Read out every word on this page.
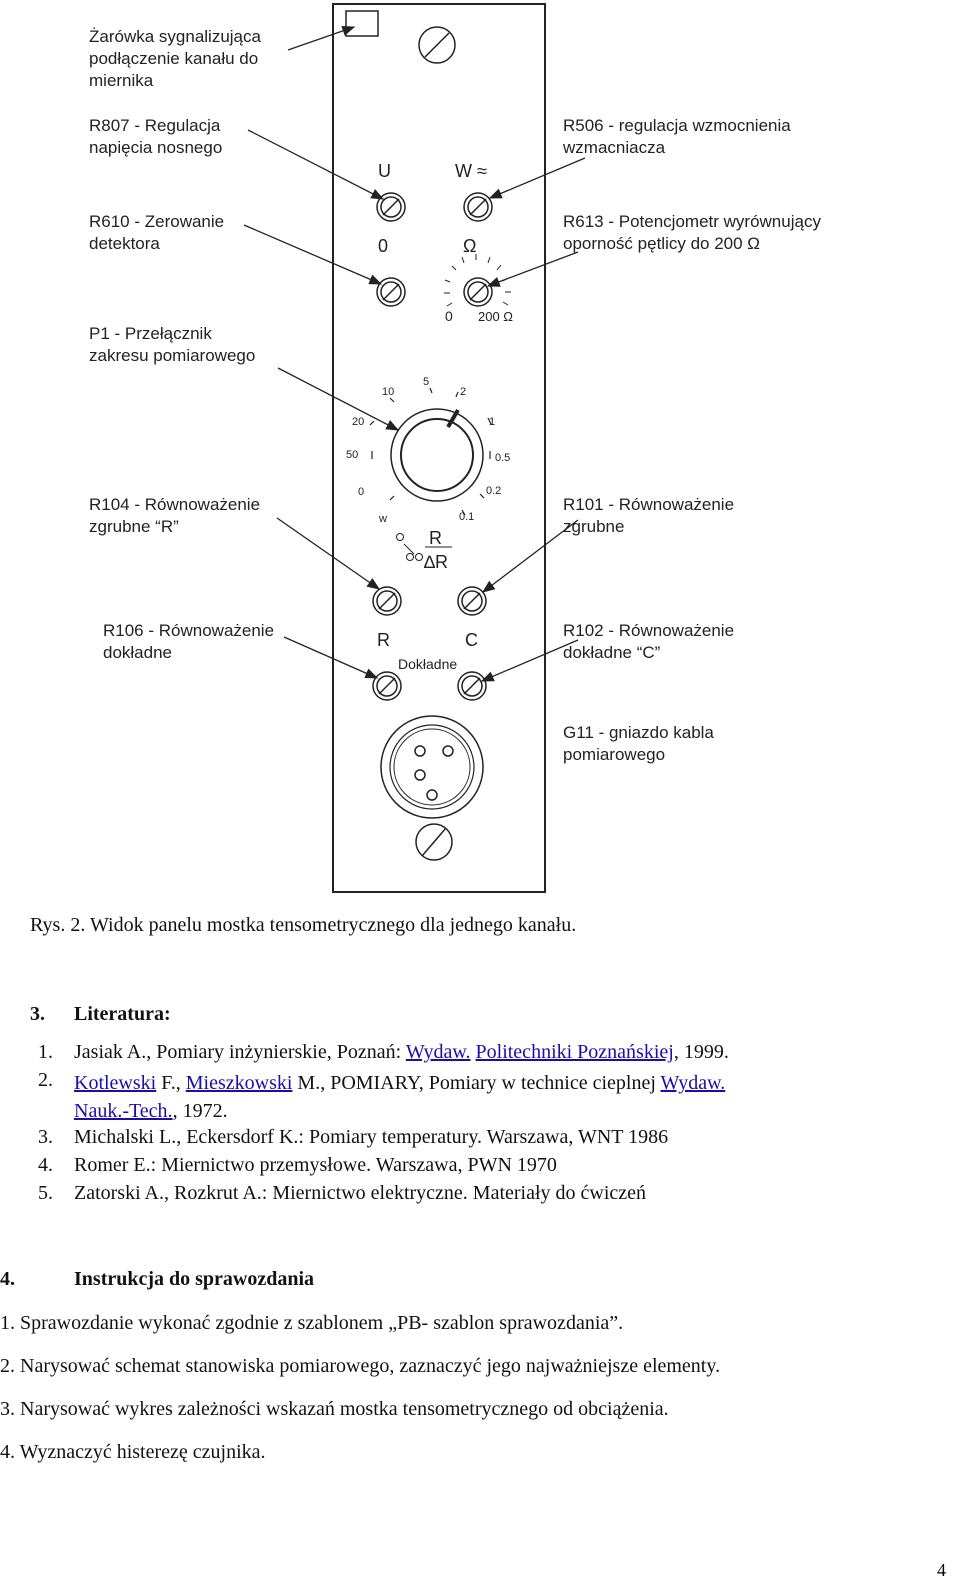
U	W ≈
0	Ω
0 200 Ω
10
5
2
20	1
50	0.5
0	0.2
w	0.1
R
∆R
R	C
Dokładne
Żarówka sygnalizująca
podłączenie kanału do
miernika
R807 - Regulacja
napięcia nosnego
R506 - regulacja wzmocnienia
wzmacniacza
R610 - Zerowanie
detektora
R613 - Potencjometr wyrównujący
oporność pętlicy do 200 Ω
P1 - Przełącznik
zakresu pomiarowego
R104 - Równoważenie
zgrubne “R”
R101 - Równoważenie
zgrubne
R106 - Równoważenie
dokładne
R102 - Równoważenie
dokładne “C”
G11 - gniazdo kabla
pomiarowego
Rys. 2. Widok panelu mostka tensometrycznego dla jednego kanału.
3. Literatura:
1. Jasiak A., Pomiary inżynierskie, Poznań: Wydaw. Politechniki Poznańskiej, 1999.
2. Kotlewski F., Mieszkowski M., POMIARY, Pomiary w technice cieplnej Wydaw.
Nauk.-Tech., 1972.
3. Michalski L., Eckersdorf K.: Pomiary temperatury. Warszawa, WNT 1986
4. Romer E.: Miernictwo przemysłowe. Warszawa, PWN 1970
5. Zatorski A., Rozkrut A.: Miernictwo elektryczne. Materiały do ćwiczeń
4.	Instrukcja do sprawozdania
1. Sprawozdanie wykonać zgodnie z szablonem „PB- szablon sprawozdania”.
2. Narysować schemat stanowiska pomiarowego, zaznaczyć jego najważniejsze elementy.
3. Narysować wykres zależności wskazań mostka tensometrycznego od obciążenia.
4. Wyznaczyć histerezę czujnika.
4
